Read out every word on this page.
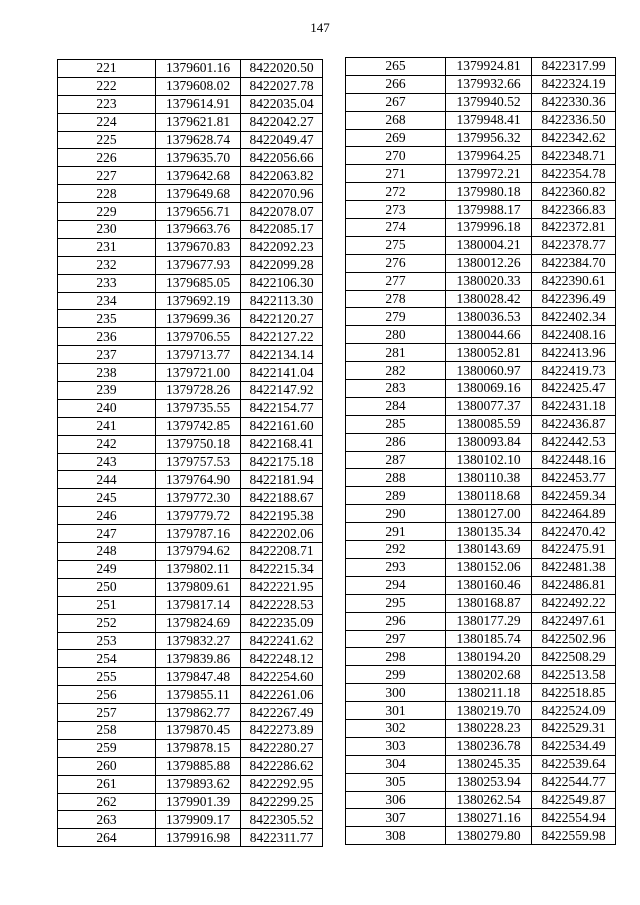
147
221	1379601.16	8422020.50
222	1379608.02	8422027.78
223	1379614.91	8422035.04
224	1379621.81	8422042.27
225	1379628.74	8422049.47
226	1379635.70	8422056.66
227	1379642.68	8422063.82
228	1379649.68	8422070.96
229	1379656.71	8422078.07
230	1379663.76	8422085.17
231	1379670.83	8422092.23
232	1379677.93	8422099.28
233	1379685.05	8422106.30
234	1379692.19	8422113.30
235	1379699.36	8422120.27
236	1379706.55	8422127.22
237	1379713.77	8422134.14
238	1379721.00	8422141.04
239	1379728.26	8422147.92
240	1379735.55	8422154.77
241	1379742.85	8422161.60
242	1379750.18	8422168.41
243	1379757.53	8422175.18
244	1379764.90	8422181.94
245	1379772.30	8422188.67
246	1379779.72	8422195.38
247	1379787.16	8422202.06
248	1379794.62	8422208.71
249	1379802.11	8422215.34
250	1379809.61	8422221.95
251	1379817.14	8422228.53
252	1379824.69	8422235.09
253	1379832.27	8422241.62
254	1379839.86	8422248.12
255	1379847.48	8422254.60
256	1379855.11	8422261.06
257	1379862.77	8422267.49
258	1379870.45	8422273.89
259	1379878.15	8422280.27
260	1379885.88	8422286.62
261	1379893.62	8422292.95
262	1379901.39	8422299.25
263	1379909.17	8422305.52
264	1379916.98	8422311.77
265	1379924.81	8422317.99
266	1379932.66	8422324.19
267	1379940.52	8422330.36
268	1379948.41	8422336.50
269	1379956.32	8422342.62
270	1379964.25	8422348.71
271	1379972.21	8422354.78
272	1379980.18	8422360.82
273	1379988.17	8422366.83
274	1379996.18	8422372.81
275	1380004.21	8422378.77
276	1380012.26	8422384.70
277	1380020.33	8422390.61
278	1380028.42	8422396.49
279	1380036.53	8422402.34
280	1380044.66	8422408.16
281	1380052.81	8422413.96
282	1380060.97	8422419.73
283	1380069.16	8422425.47
284	1380077.37	8422431.18
285	1380085.59	8422436.87
286	1380093.84	8422442.53
287	1380102.10	8422448.16
288	1380110.38	8422453.77
289	1380118.68	8422459.34
290	1380127.00	8422464.89
291	1380135.34	8422470.42
292	1380143.69	8422475.91
293	1380152.06	8422481.38
294	1380160.46	8422486.81
295	1380168.87	8422492.22
296	1380177.29	8422497.61
297	1380185.74	8422502.96
298	1380194.20	8422508.29
299	1380202.68	8422513.58
300	1380211.18	8422518.85
301	1380219.70	8422524.09
302	1380228.23	8422529.31
303	1380236.78	8422534.49
304	1380245.35	8422539.64
305	1380253.94	8422544.77
306	1380262.54	8422549.87
307	1380271.16	8422554.94
308	1380279.80	8422559.98
